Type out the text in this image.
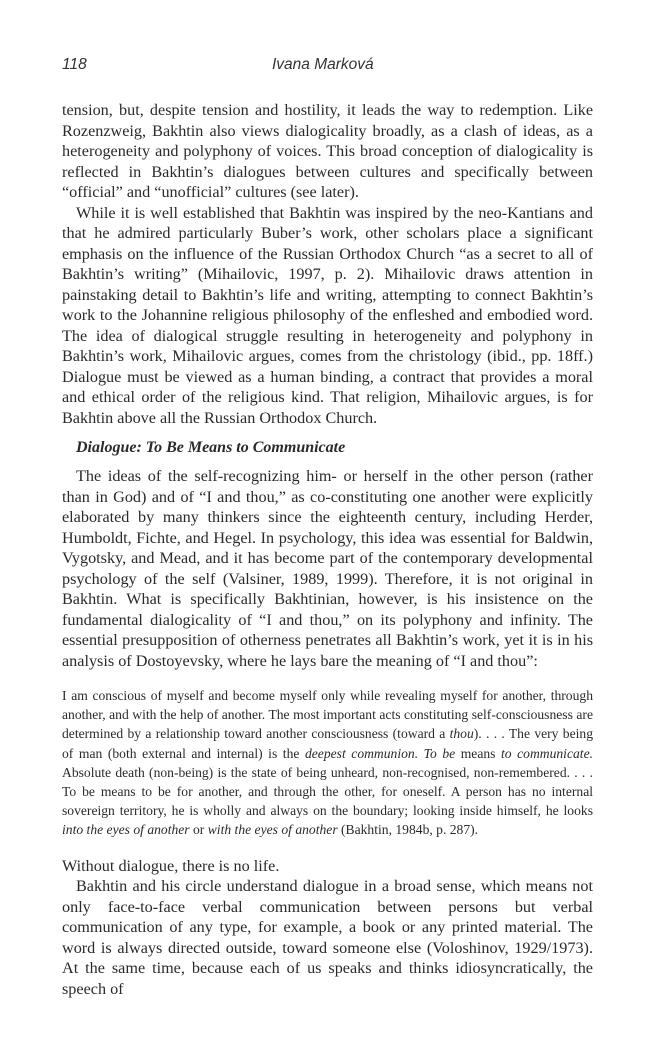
118	Ivana Marková

tension, but, despite tension and hostility, it leads the way to redemption. Like Rozenzweig, Bakhtin also views dialogicality broadly, as a clash of ideas, as a heterogeneity and polyphony of voices. This broad conception of dialogicality is reflected in Bakhtin’s dialogues between cultures and specifically between “official” and “unofficial” cultures (see later).

While it is well established that Bakhtin was inspired by the neo-Kantians and that he admired particularly Buber’s work, other scholars place a significant emphasis on the influence of the Russian Orthodox Church “as a secret to all of Bakhtin’s writing” (Mihailovic, 1997, p. 2). Mihailovic draws attention in painstaking detail to Bakhtin’s life and writing, attempting to connect Bakhtin’s work to the Johannine religious philosophy of the enfleshed and embodied word. The idea of dialogical struggle resulting in heterogeneity and polyphony in Bakhtin’s work, Mihailovic argues, comes from the christology (ibid., pp. 18ff.) Dialogue must be viewed as a human binding, a contract that provides a moral and ethical order of the religious kind. That religion, Mihailovic argues, is for Bakhtin above all the Russian Orthodox Church.

Dialogue: To Be Means to Communicate

The ideas of the self-recognizing him- or herself in the other person (rather than in God) and of “I and thou,” as co-constituting one another were explicitly elaborated by many thinkers since the eighteenth century, including Herder, Humboldt, Fichte, and Hegel. In psychology, this idea was essential for Baldwin, Vygotsky, and Mead, and it has become part of the contemporary developmental psychology of the self (Valsiner, 1989, 1999). Therefore, it is not original in Bakhtin. What is specifically Bakhtinian, however, is his insistence on the fundamental dialogicality of “I and thou,” on its polyphony and infinity. The essential presupposition of otherness penetrates all Bakhtin’s work, yet it is in his analysis of Dostoyevsky, where he lays bare the meaning of “I and thou”:

I am conscious of myself and become myself only while revealing myself for another, through another, and with the help of another. The most important acts constituting self-consciousness are determined by a relationship toward another consciousness (toward a thou). . . . The very being of man (both external and internal) is the deepest communion. To be means to communicate. Absolute death (non-being) is the state of being unheard, non-recognised, non-remembered. . . . To be means to be for another, and through the other, for oneself. A person has no internal sovereign territory, he is wholly and always on the boundary; looking inside himself, he looks into the eyes of another or with the eyes of another (Bakhtin, 1984b, p. 287).

Without dialogue, there is no life.

Bakhtin and his circle understand dialogue in a broad sense, which means not only face-to-face verbal communication between persons but verbal communication of any type, for example, a book or any printed material. The word is always directed outside, toward someone else (Voloshinov, 1929/1973). At the same time, because each of us speaks and thinks idiosyncratically, the speech of
